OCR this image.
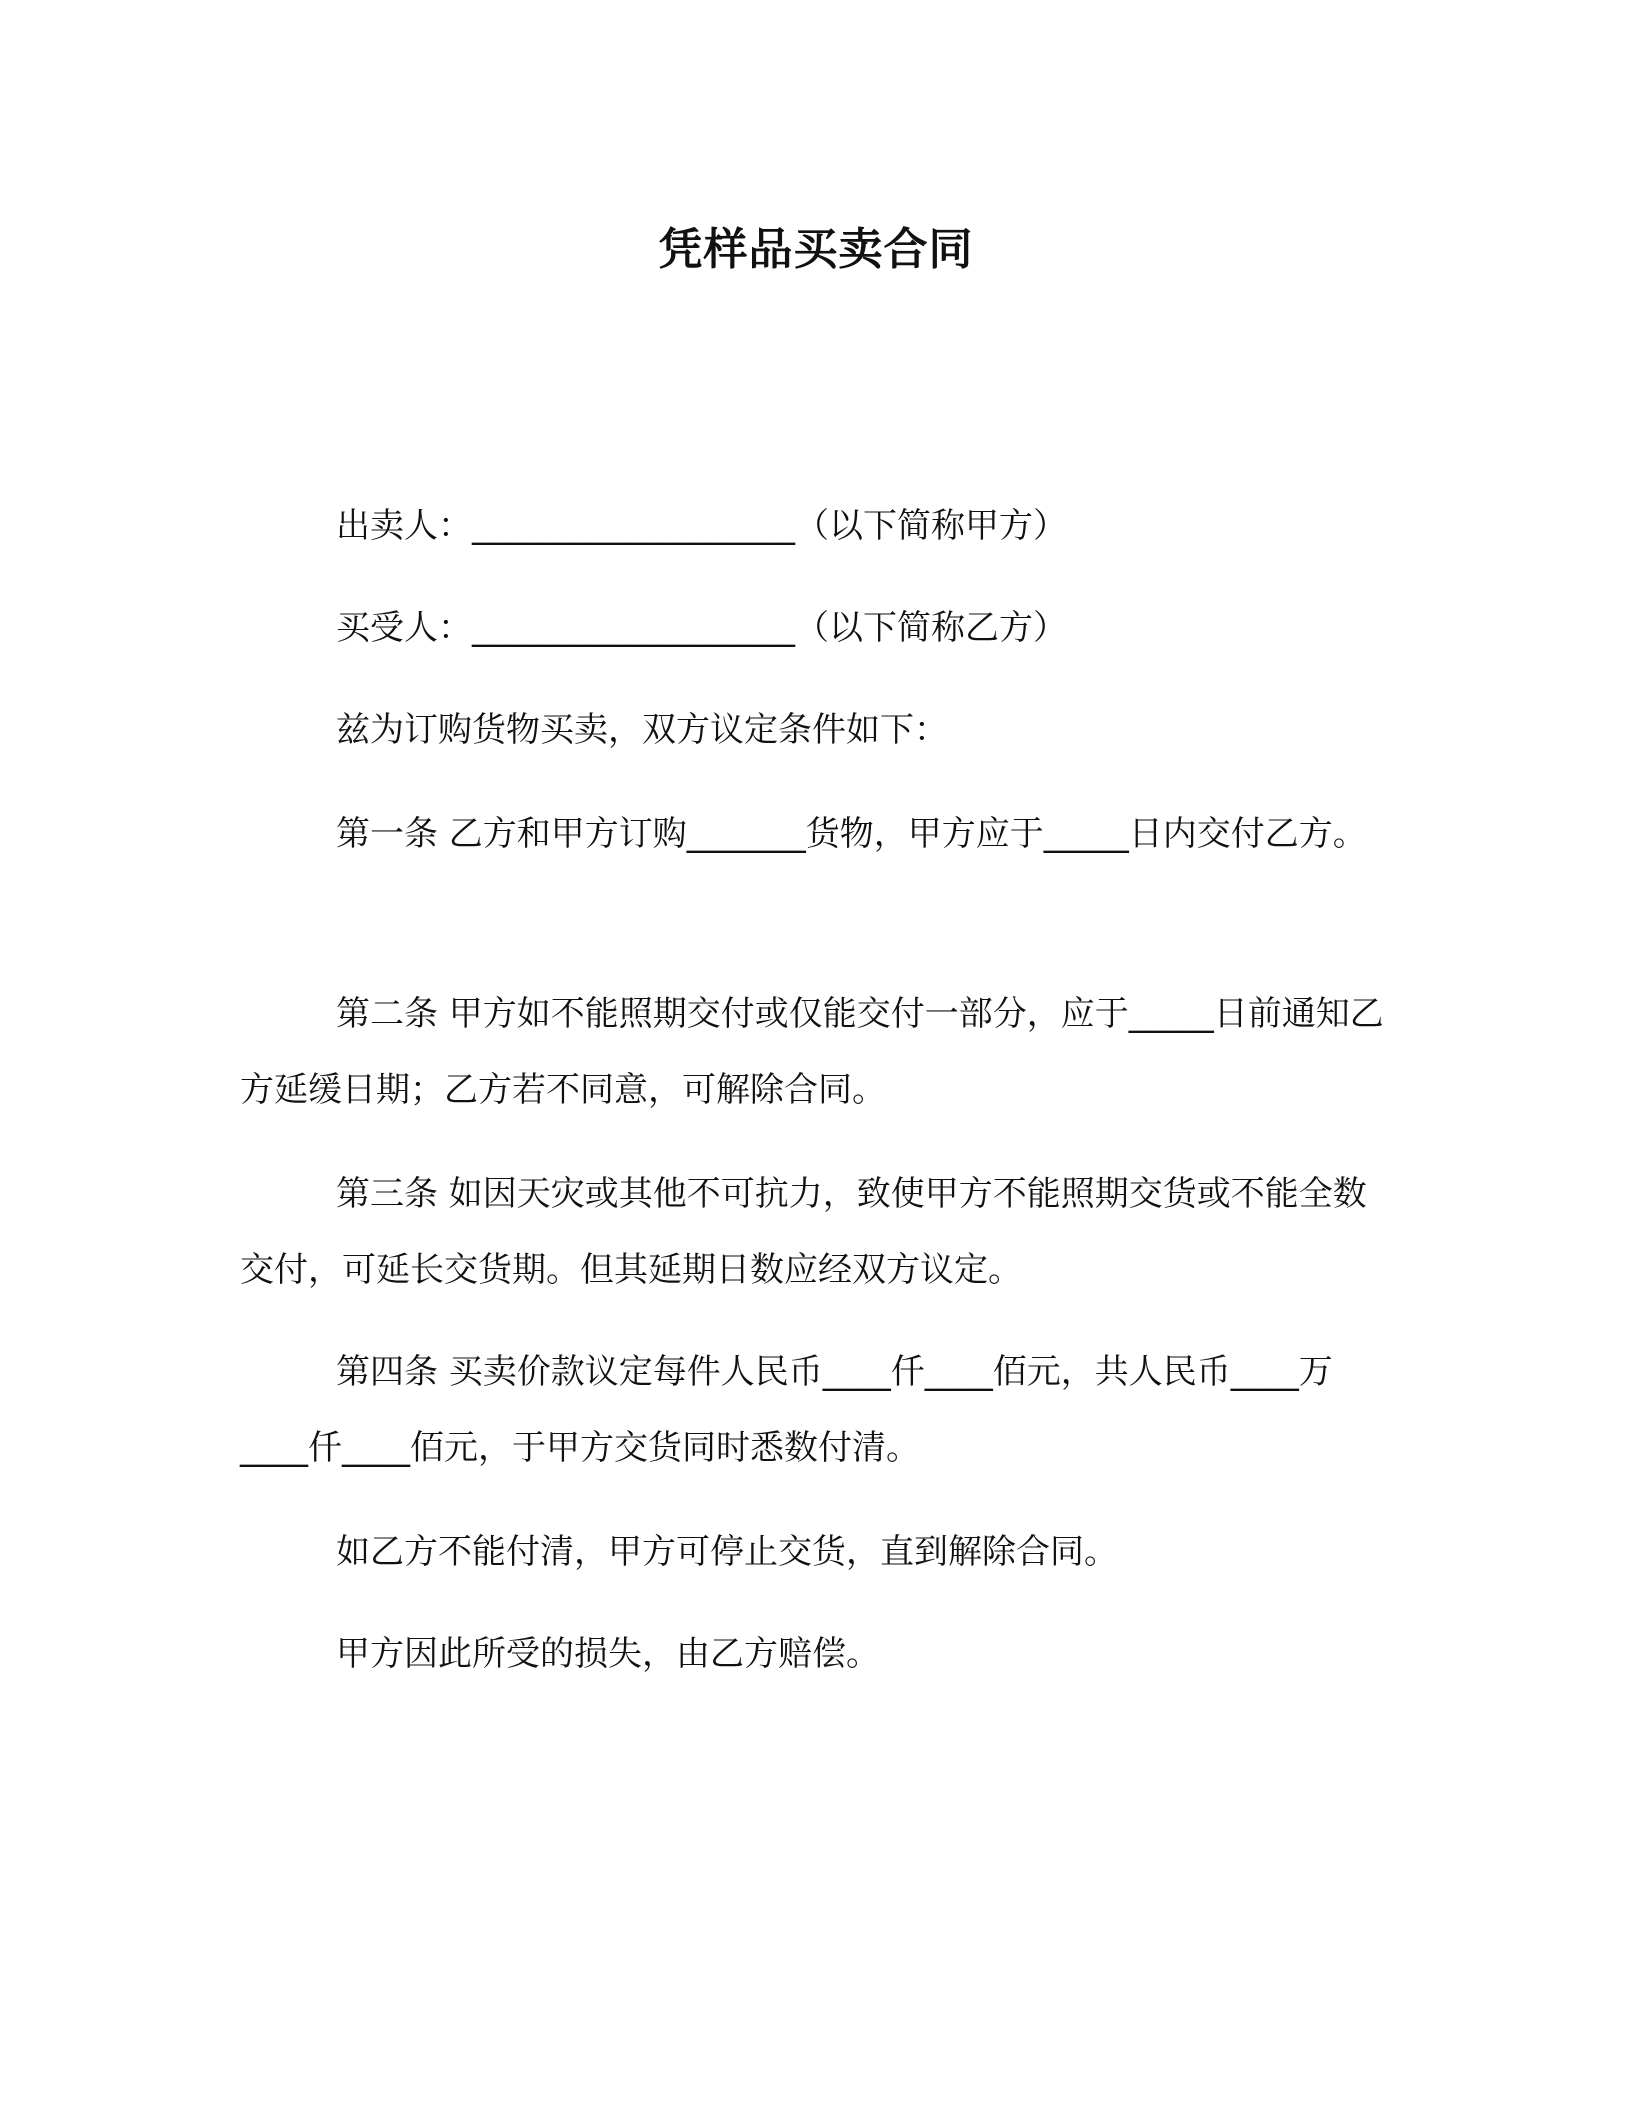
凭样品买卖合同

出卖人：___________________（以下简称甲方）

买受人：___________________（以下简称乙方）

兹为订购货物买卖，双方议定条件如下：

第一条 乙方和甲方订购_______货物，甲方应于_____日内交付乙方。

第二条 甲方如不能照期交付或仅能交付一部分，应于_____日前通知乙方延缓日期；乙方若不同意，可解除合同。

第三条 如因天灾或其他不可抗力，致使甲方不能照期交货或不能全数交付，可延长交货期。但其延期日数应经双方议定。

第四条 买卖价款议定每件人民币____仟____佰元，共人民币____万____仟____佰元，于甲方交货同时悉数付清。

如乙方不能付清，甲方可停止交货，直到解除合同。

甲方因此所受的损失，由乙方赔偿。
